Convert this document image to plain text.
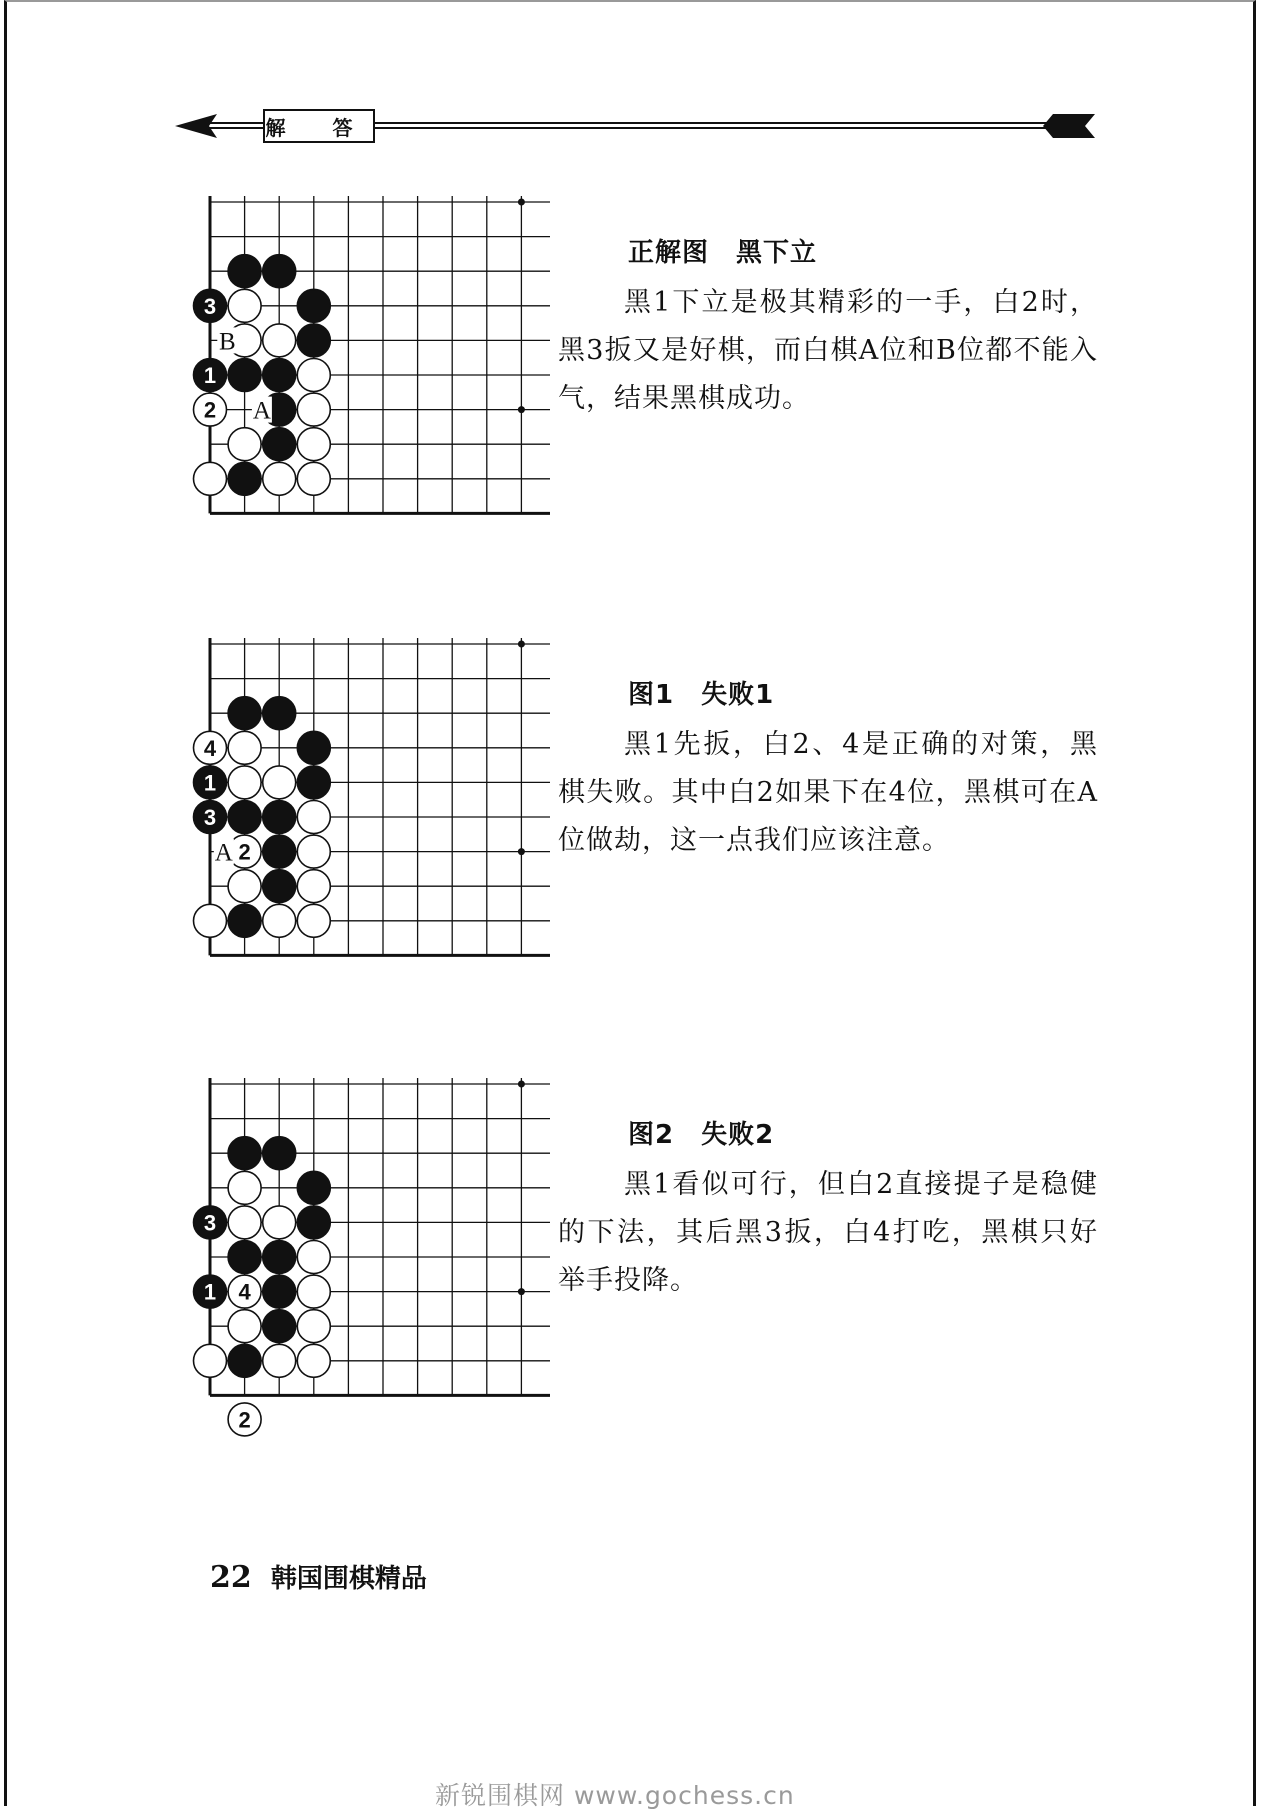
解 答
3
1
2
B
A

正解图　黑下立

黑1下立是极其精彩的一手，白2时，黑3扳又是好棋，而白棋A位和B位都不能入气，结果黑棋成功。

4
1
3
2
A

图1　失败1

黑1先扳，白2、4是正确的对策，黑棋失败。其中白2如果下在4位，黑棋可在A位做劫，这一点我们应该注意。

3
1 4
2

图2　失败2

黑1看似可行，但白2直接提子是稳健的下法，其后黑3扳，白4打吃，黑棋只好举手投降。

22 韩国围棋精品
新锐围棋网 www.gochess.cn
